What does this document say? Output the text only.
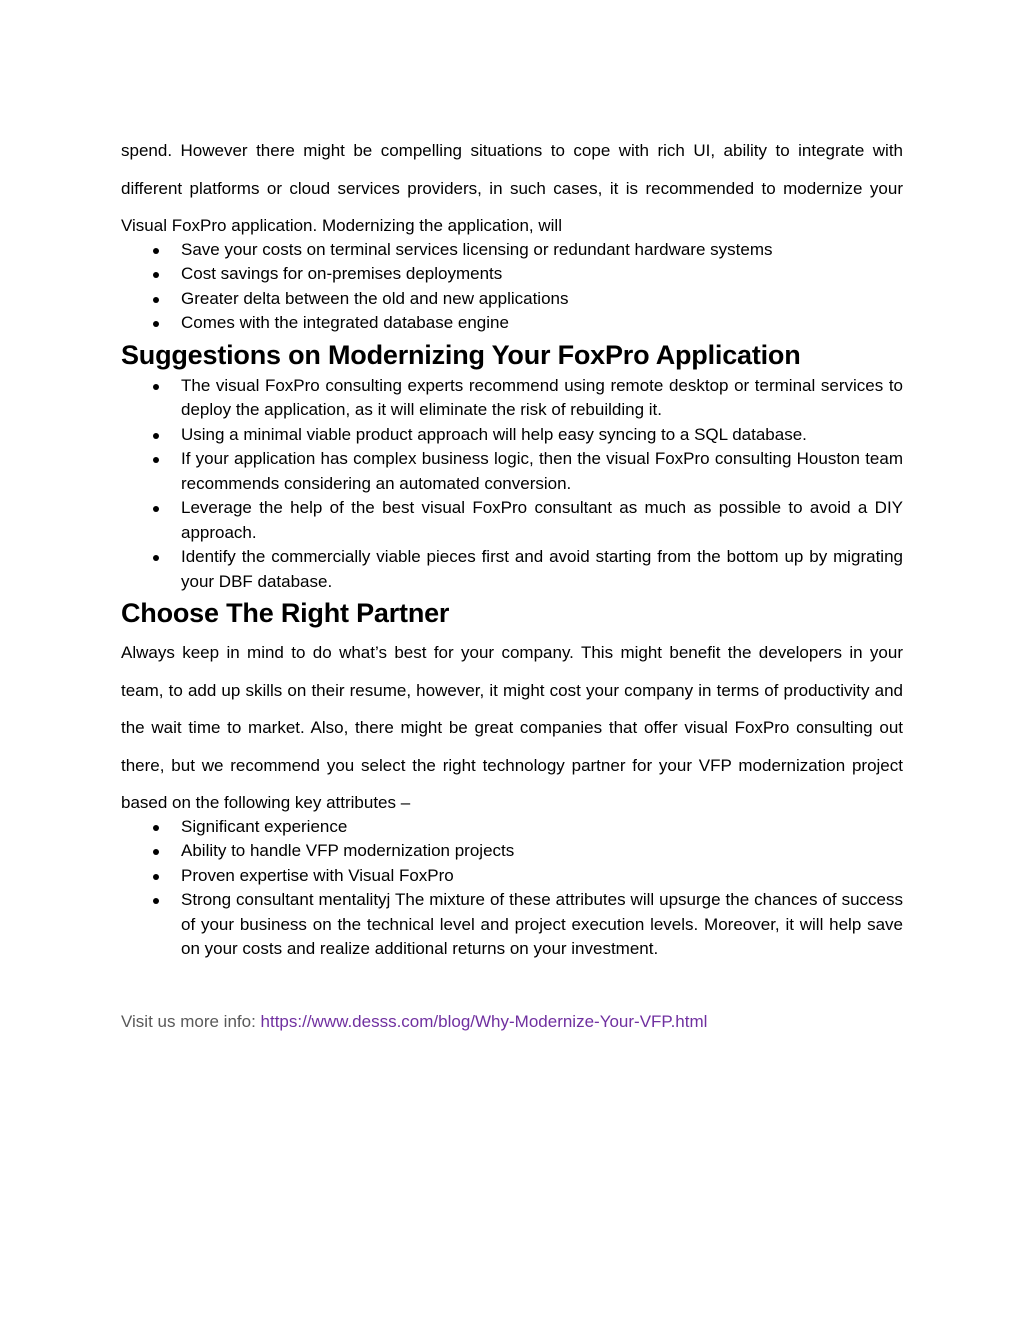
spend. However there might be compelling situations to cope with rich UI, ability to integrate with different platforms or cloud services providers, in such cases, it is recommended to modernize your Visual FoxPro application. Modernizing the application, will

Save your costs on terminal services licensing or redundant hardware systems
Cost savings for on-premises deployments
Greater delta between the old and new applications
Comes with the integrated database engine
Suggestions on Modernizing Your FoxPro Application
The visual FoxPro consulting experts recommend using remote desktop or terminal services to deploy the application, as it will eliminate the risk of rebuilding it.
Using a minimal viable product approach will help easy syncing to a SQL database.
If your application has complex business logic, then the visual FoxPro consulting Houston team recommends considering an automated conversion.
Leverage the help of the best visual FoxPro consultant as much as possible to avoid a DIY approach.
Identify the commercially viable pieces first and avoid starting from the bottom up by migrating your DBF database.
Choose The Right Partner

Always keep in mind to do what’s best for your company. This might benefit the developers in your team, to add up skills on their resume, however, it might cost your company in terms of productivity and the wait time to market. Also, there might be great companies that offer visual FoxPro consulting out there, but we recommend you select the right technology partner for your VFP modernization project based on the following key attributes –

Significant experience
Ability to handle VFP modernization projects
Proven expertise with Visual FoxPro
Strong consultant mentalityj The mixture of these attributes will upsurge the chances of success of your business on the technical level and project execution levels. Moreover, it will help save on your costs and realize additional returns on your investment.
Visit us more info: https://www.desss.com/blog/Why-Modernize-Your-VFP.html
